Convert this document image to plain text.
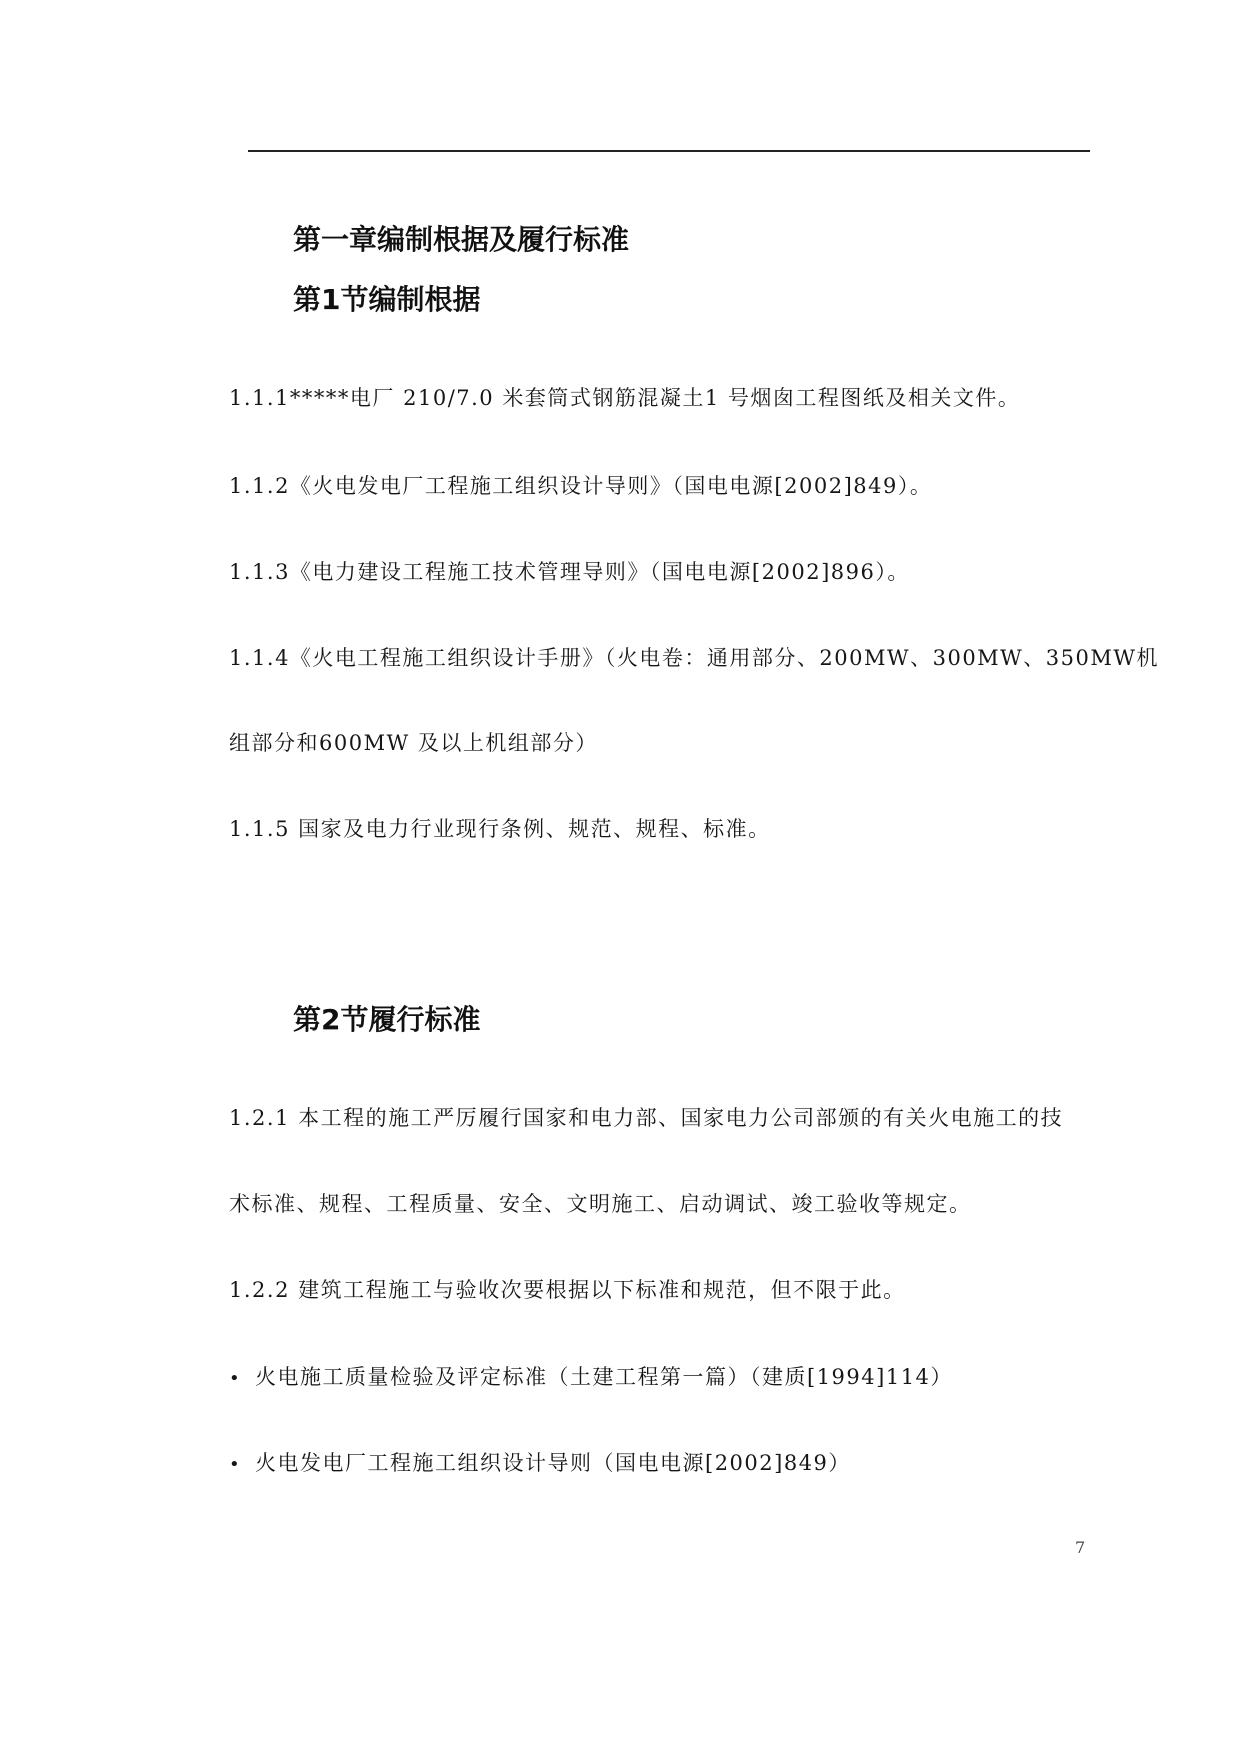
第一章编制根据及履行标准
第1节编制根据
1.1.1*****电厂 210/7.0 米套筒式钢筋混凝土1 号烟囱工程图纸及相关文件。
1.1.2《火电发电厂工程施工组织设计导则》（国电电源[2002]849）。
1.1.3《电力建设工程施工技术管理导则》（国电电源[2002]896）。
1.1.4《火电工程施工组织设计手册》（火电卷：通用部分、200MW、300MW、350MW机
组部分和600MW 及以上机组部分）
1.1.5 国家及电力行业现行条例、规范、规程、标准。
第2节履行标准
1.2.1 本工程的施工严厉履行国家和电力部、国家电力公司部颁的有关火电施工的技
术标准、规程、工程质量、安全、文明施工、启动调试、竣工验收等规定。
1.2.2 建筑工程施工与验收次要根据以下标准和规范，但不限于此。
• 火电施工质量检验及评定标准（土建工程第一篇）（建质[1994]114）
• 火电发电厂工程施工组织设计导则（国电电源[2002]849）
7
